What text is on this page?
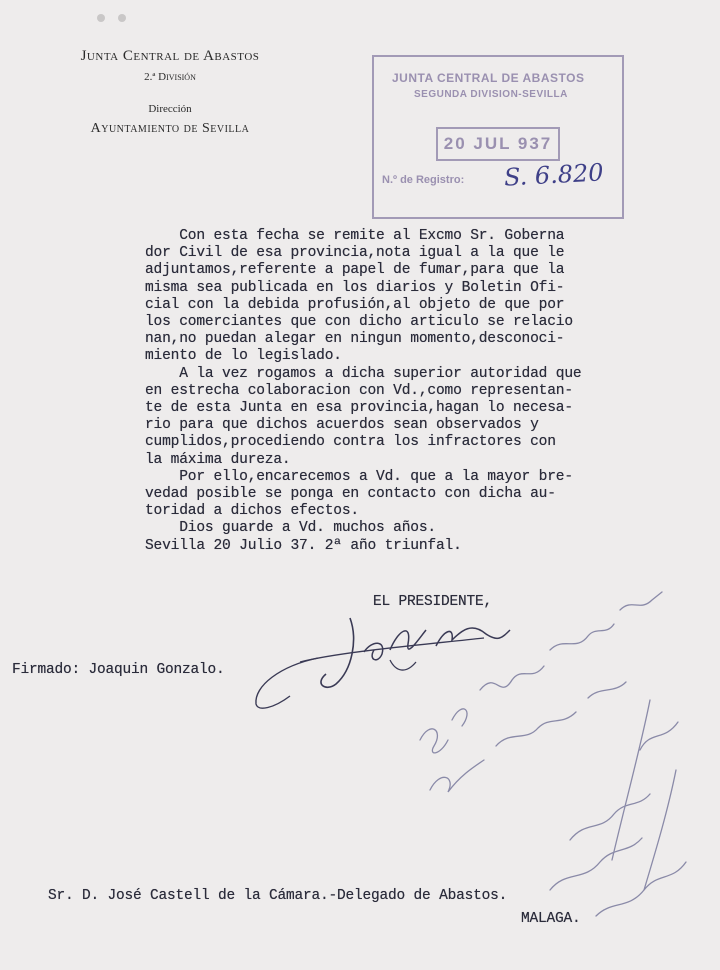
Junta Central de Abastos
2.ª División
Dirección
Ayuntamiento de Sevilla
JUNTA CENTRAL DE ABASTOS
SEGUNDA DIVISION-SEVILLA
20 JUL 937
N.º de Registro: S. 6.820

Con esta fecha se remite al Excmo Sr. Goberna

dor Civil de esa provincia,nota igual a la que le

adjuntamos,referente a papel de fumar,para que la

misma sea publicada en los diarios y Boletin Ofi-

cial con la debida profusión,al objeto de que por

los comerciantes que con dicho articulo se relacio

nan,no puedan alegar en ningun momento,desconoci-

miento de lo legislado.

A la vez rogamos a dicha superior autoridad que

en estrecha colaboracion con Vd.,como representan-

te de esta Junta en esa provincia,hagan lo necesa-

rio para que dichos acuerdos sean observados y

cumplidos,procediendo contra los infractores con

la máxima dureza.

Por ello,encarecemos a Vd. que a la mayor bre-

vedad posible se ponga en contacto con dicha au-

toridad a dichos efectos.

Dios guarde a Vd. muchos años.

Sevilla 20 Julio 37. 2ª año triunfal.

EL PRESIDENTE,
Firmado: Joaquin Gonzalo.
Sr. D. José Castell de la Cámara.-Delegado de Abastos.
MALAGA.
